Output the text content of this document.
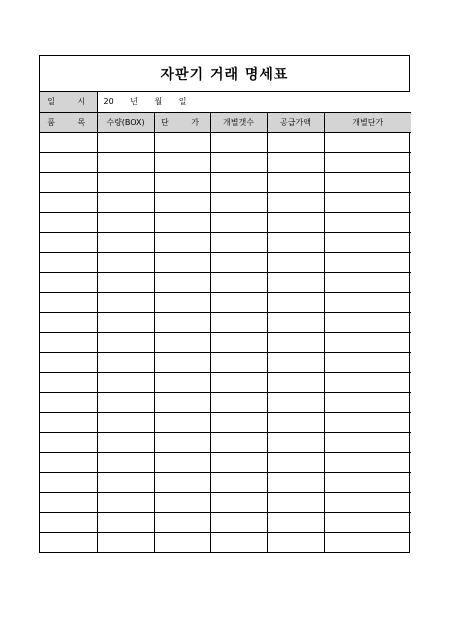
자판기 거래 명세표
일 시	20 년 월 일				
품 목	수량(BOX)	단 가	개별갯수	공급가액	개별단가
